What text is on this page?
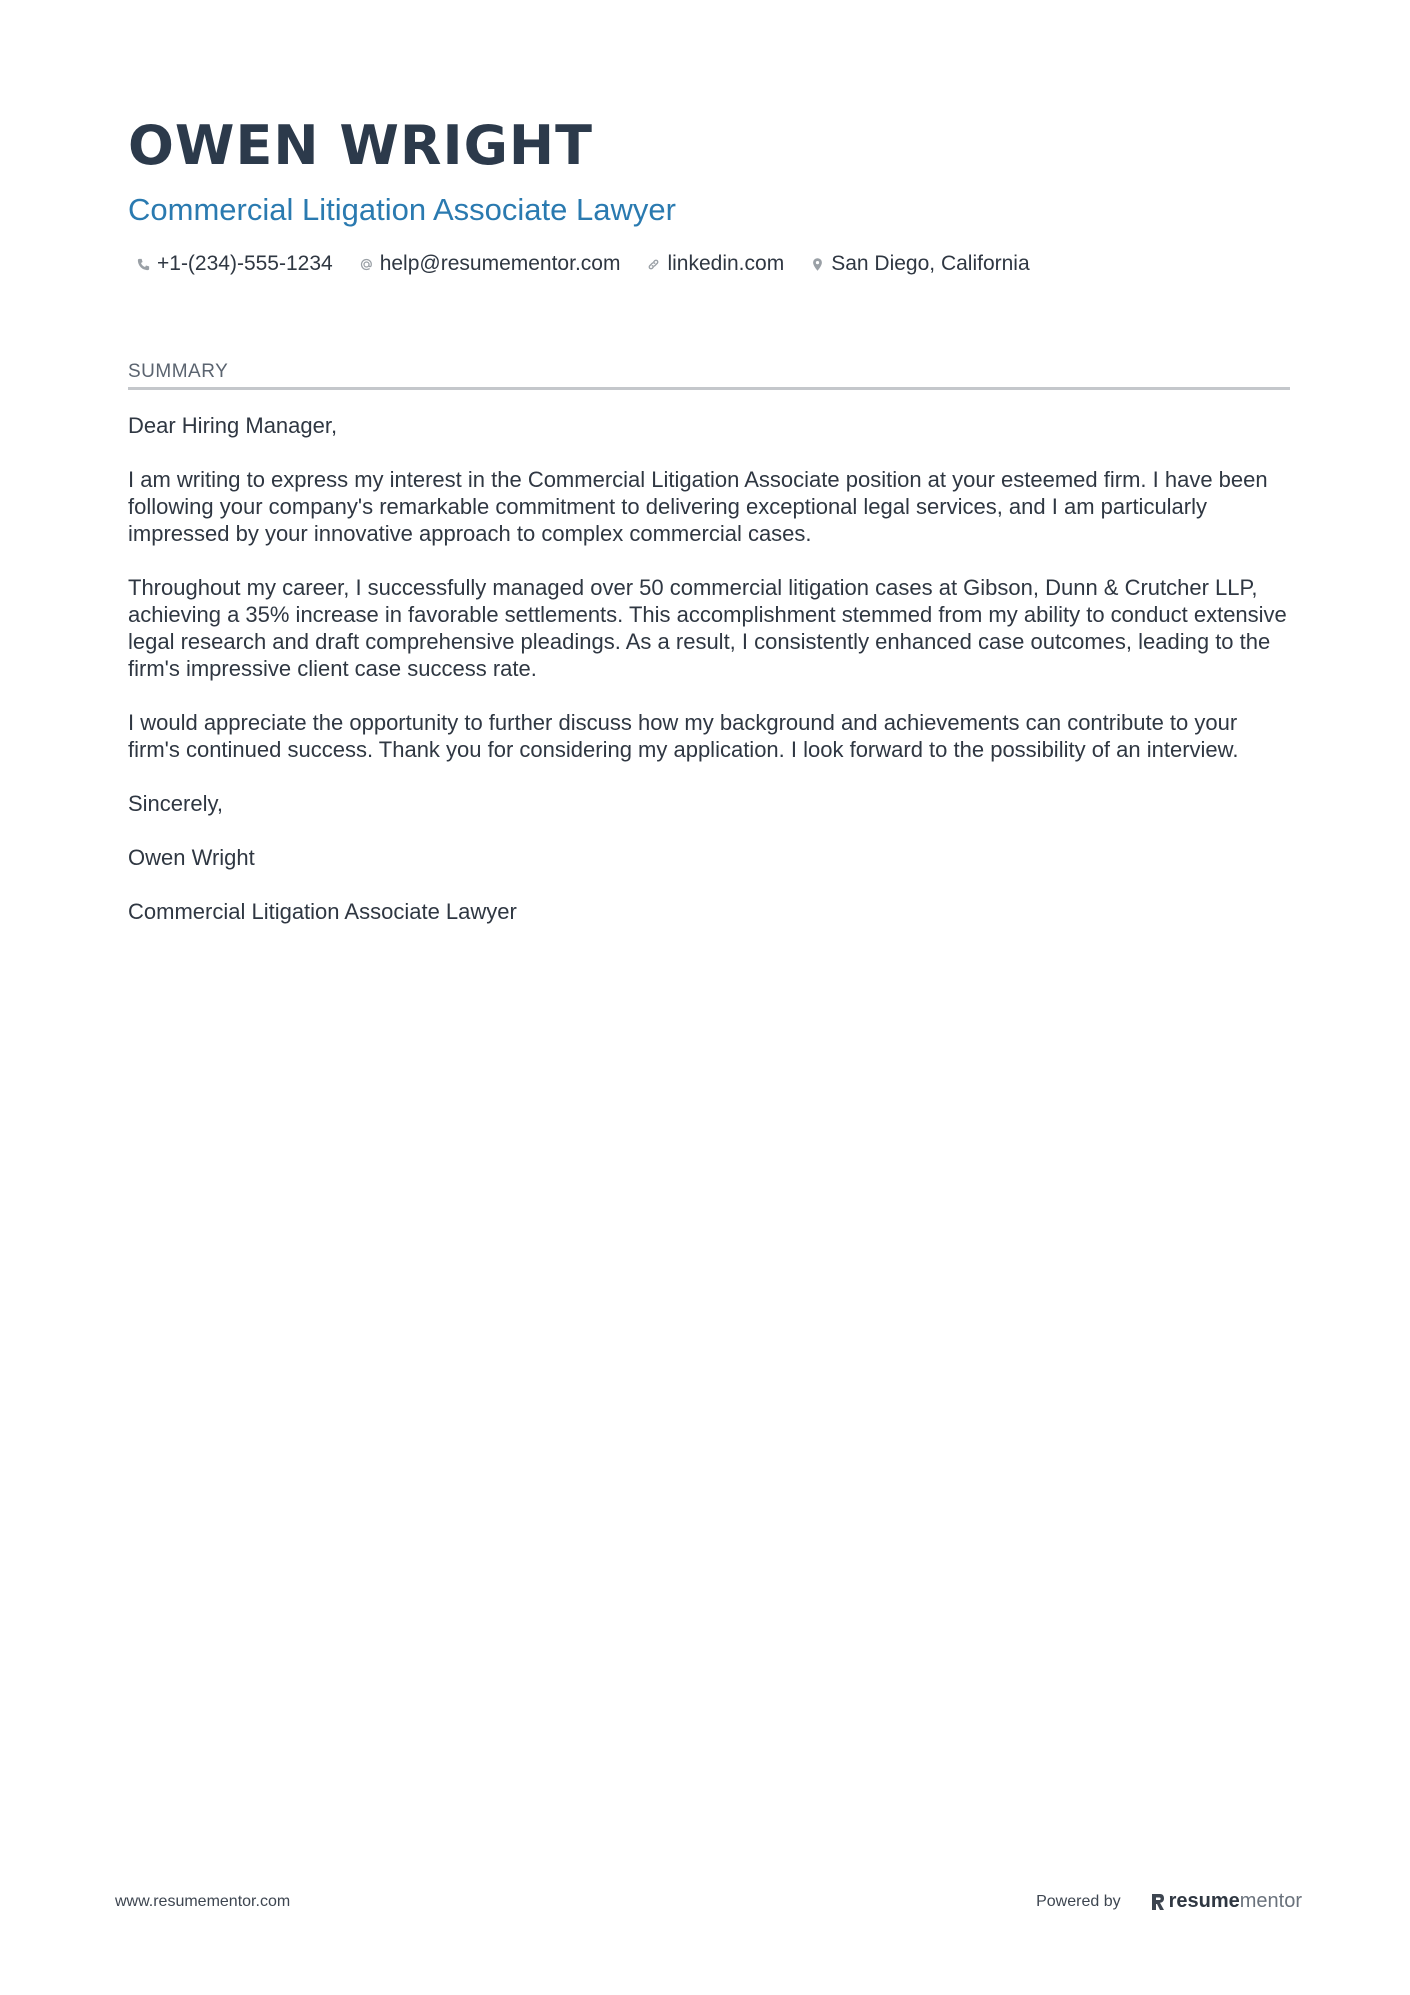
OWEN WRIGHT
Commercial Litigation Associate Lawyer
+1-(234)-555-1234 help@resumementor.com linkedin.com San Diego, California
SUMMARY

Dear Hiring Manager,

I am writing to express my interest in the Commercial Litigation Associate position at your esteemed firm. I have been following your company's remarkable commitment to delivering exceptional legal services, and I am particularly impressed by your innovative approach to complex commercial cases.

Throughout my career, I successfully managed over 50 commercial litigation cases at Gibson, Dunn & Crutcher LLP, achieving a 35% increase in favorable settlements. This accomplishment stemmed from my ability to conduct extensive legal research and draft comprehensive pleadings. As a result, I consistently enhanced case outcomes, leading to the firm's impressive client case success rate.

I would appreciate the opportunity to further discuss how my background and achievements can contribute to your firm's continued success. Thank you for considering my application. I look forward to the possibility of an interview.

Sincerely,

Owen Wright

Commercial Litigation Associate Lawyer

www.resumementor.com	Powered by resume mentor
